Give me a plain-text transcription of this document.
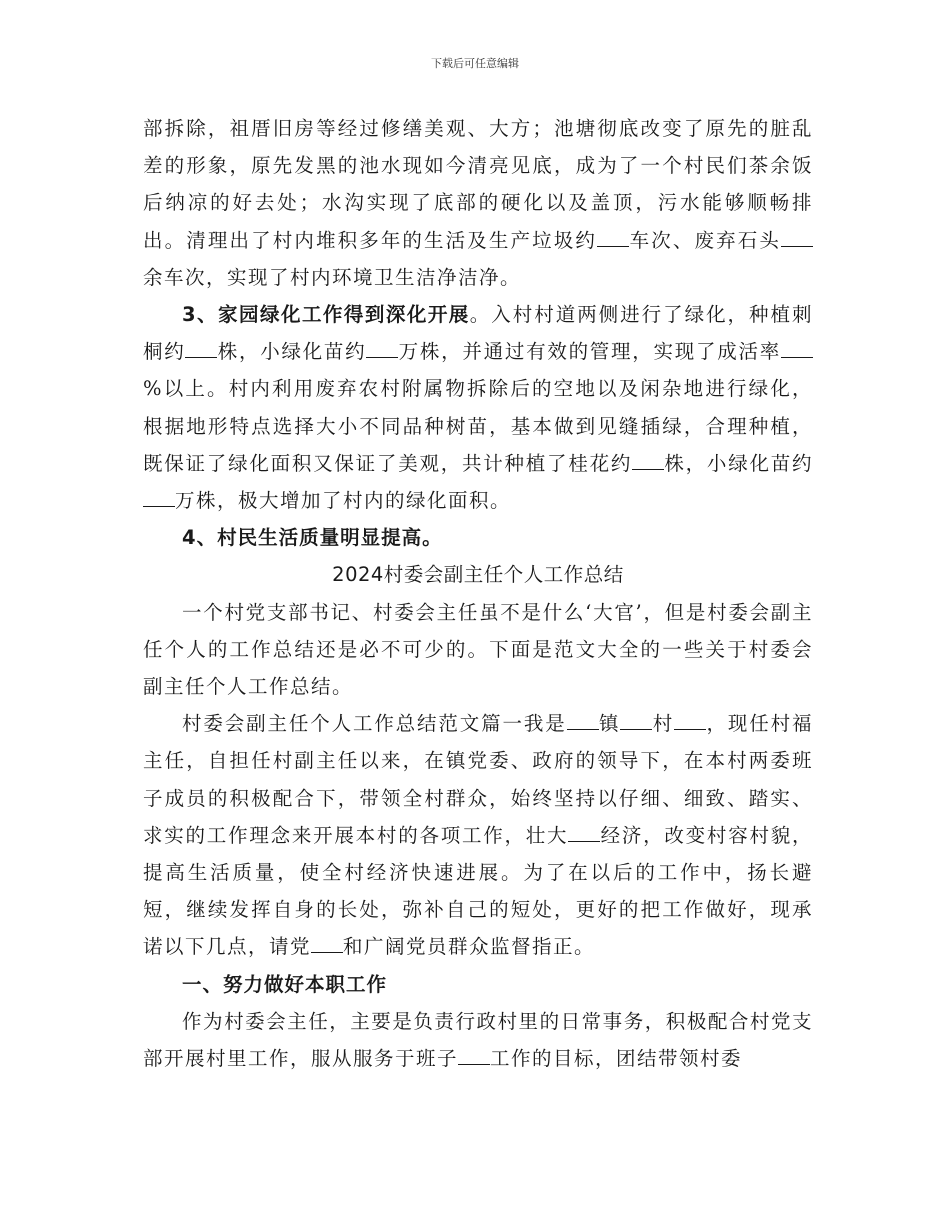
下载后可任意编辑

部拆除，祖厝旧房等经过修缮美观、大方；池塘彻底改变了原先的脏乱差的形象，原先发黑的池水现如今清亮见底，成为了一个村民们茶余饭后纳凉的好去处；水沟实现了底部的硬化以及盖顶，污水能够顺畅排出。清理出了村内堆积多年的生活及生产垃圾约 车次、废弃石头余车次，实现了村内环境卫生洁净洁净。

3、家园绿化工作得到深化开展。入村村道两侧进行了绿化，种植刺桐约 株，小绿化苗约 万株，并通过有效的管理，实现了成活率%以上。村内利用废弃农村附属物拆除后的空地以及闲杂地进行绿化，根据地形特点选择大小不同品种树苗，基本做到见缝插绿，合理种植，既保证了绿化面积又保证了美观，共计种植了桂花约 株，小绿化苗约万株，极大增加了村内的绿化面积。

4、村民生活质量明显提高。

2024村委会副主任个人工作总结

一个村党支部书记、村委会主任虽不是什么‘大官’，但是村委会副主任个人的工作总结还是必不可少的。下面是范文大全的一些关于村委会副主任个人工作总结。

村委会副主任个人工作总结范文篇一我是 镇 村 ，现任村福主任，自担任村副主任以来，在镇党委、政府的领导下，在本村两委班子成员的积极配合下，带领全村群众，始终坚持以仔细、细致、踏实、求实的工作理念来开展本村的各项工作，壮大 经济，改变村容村貌，提高生活质量，使全村经济快速进展。为了在以后的工作中，扬长避短，继续发挥自身的长处，弥补自己的短处，更好的把工作做好，现承诺以下几点，请党 和广阔党员群众监督指正。

一、努力做好本职工作

作为村委会主任，主要是负责行政村里的日常事务，积极配合村党支部开展村里工作，服从服务于班子 工作的目标，团结带领村委
